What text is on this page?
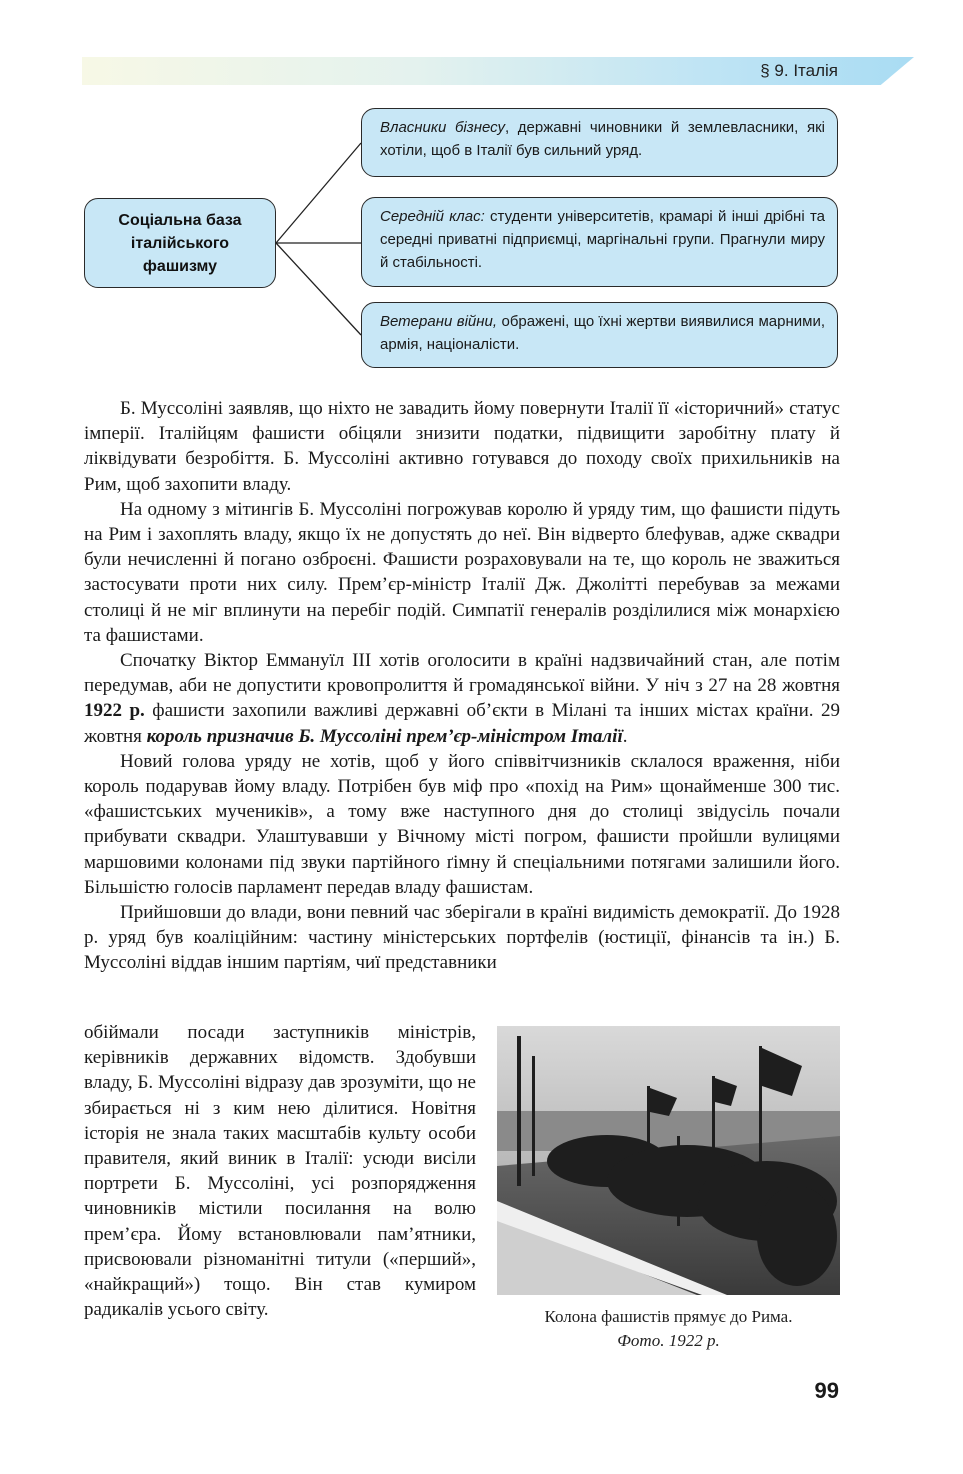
§ 9. Італія
Соціальна база італійського фашизму
Власники бізнесу, державні чиновники й землевласники, які хотіли, щоб в Італії був сильний уряд.
Середній клас: студенти університетів, крамарі й інші дрібні та середні приватні підприємці, маргінальні групи. Прагнули миру й стабільності.
Ветерани війни, ображені, що їхні жертви виявилися марними, армія, націоналісти.

Б. Муссоліні заявляв, що ніхто не завадить йому повернути Італії її «історичний» статус імперії. Італійцям фашисти обіцяли знизити податки, підвищити заробітну плату й ліквідувати безробіття. Б. Муссоліні активно готувався до походу своїх прихильників на Рим, щоб захопити владу.

На одному з мітингів Б. Муссоліні погрожував королю й уряду тим, що фашисти підуть на Рим і захоплять владу, якщо їх не допустять до неї. Він відверто блефував, адже сквадри були нечисленні й погано озброєні. Фашисти розраховували на те, що король не зважиться застосувати проти них силу. Прем’єр-міністр Італії Дж. Джолітті перебував за межами столиці й не міг вплинути на перебіг подій. Симпатії генералів розділилися між монархією та фашистами.

Спочатку Віктор Еммануїл ІІІ хотів оголосити в країні надзвичайний стан, але потім передумав, аби не допустити кровопролиття й громадянської війни. У ніч з 27 на 28 жовтня 1922 р. фашисти захопили важливі державні об’єкти в Мілані та інших містах країни. 29 жовтня король призначив Б. Муссоліні прем’єр-міністром Італії.

Новий голова уряду не хотів, щоб у його співвітчизників склалося враження, ніби король подарував йому владу. Потрібен був міф про «похід на Рим» щонайменше 300 тис. «фашистських мучеників», а тому вже наступного дня до столиці звідусіль почали прибувати сквадри. Улаштувавши у Вічному місті погром, фашисти пройшли вулицями маршовими колонами під звуки партійного ґімну й спеціальними потягами залишили його. Більшістю голосів парламент передав владу фашистам.

Прийшовши до влади, вони певний час зберігали в країні видимість демократії. До 1928 р. уряд був коаліційним: частину міністерських портфелів (юстиції, фінансів та ін.) Б. Муссоліні віддав іншим партіям, чиї представники

обіймали посади заступників міністрів, керівників державних відомств. Здобувши владу, Б. Муссоліні відразу дав зрозуміти, що не збирається ні з ким нею ділитися. Новітня історія не знала таких масштабів культу особи правителя, який виник в Італії: усюди висіли портрети Б. Муссоліні, усі розпорядження чиновників містили посилання на волю прем’єра. Йому встановлювали пам’ятники, присвоювали різноманітні титули («перший», «найкращий») тощо. Він став кумиром радикалів усього світу.	Колона фашистів прямує до Рима.
Фото. 1922 р.
99
